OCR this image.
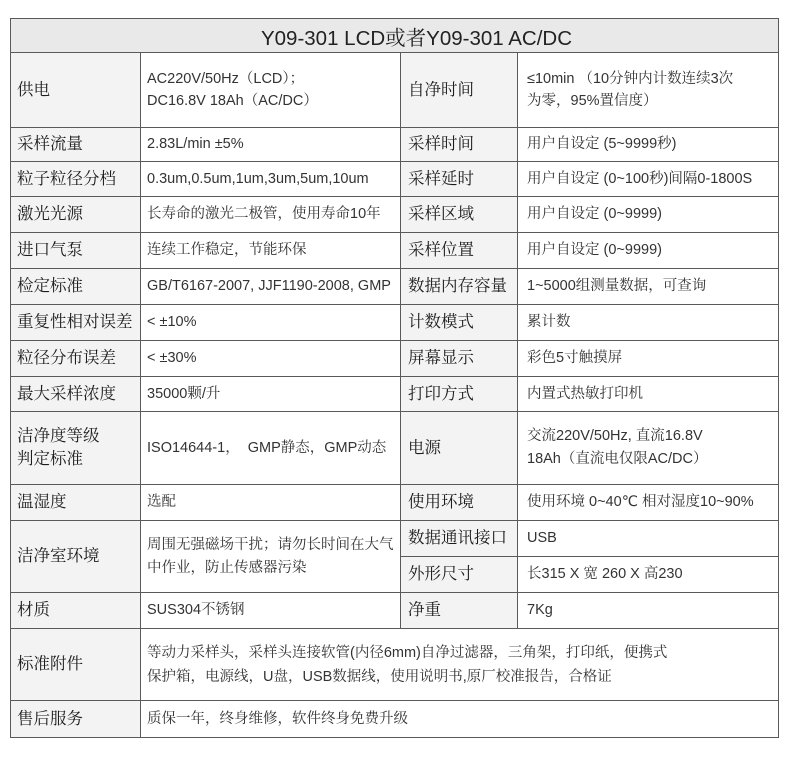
Y09-301 LCD或者Y09-301 AC/DC			

供电	AC220V/50Hz（LCD）；
DC16.8V 18Ah（AC/DC）	自净时间	≤10min （10分钟内计数连续3次
为零，95%置信度）

采样流量	2.83L/min ±5%	采样时间	用户自设定 (5~9999秒)

粒子粒径分档	0.3um,0.5um,1um,3um,5um,10um	采样延时	用户自设定 (0~100秒)间隔0-1800S

激光光源	长寿命的激光二极管，使用寿命10年	采样区域	用户自设定 (0~9999)

进口气泵	连续工作稳定，节能环保	采样位置	用户自设定 (0~9999)

检定标准	GB/T6167-2007, JJF1190-2008, GMP	数据内存容量	1~5000组测量数据，可查询

重复性相对误差	< ±10%	计数模式	累计数

粒径分布误差	< ±30%	屏幕显示	彩色5寸触摸屏

最大采样浓度	35000颗/升	打印方式	内置式热敏打印机

洁净度等级
判定标准	ISO14644-1，  GMP静态，GMP动态	电源	交流220V/50Hz, 直流16.8V
18Ah（直流电仅限AC/DC）

温湿度	选配	使用环境	使用环境 0~40℃ 相对湿度10~90%

洁净室环境	周围无强磁场干扰；请勿长时间在大气
中作业，防止传感器污染	数据通讯接口	USB

		外形尺寸	长315 X 宽 260 X 高230

材质	SUS304不锈钢	净重	7Kg

标准附件	等动力采样头，采样头连接软管(内径6mm)自净过滤器，三角架，打印纸，便携式
保护箱，电源线，U盘，USB数据线，使用说明书,原厂校准报告，合格证		

售后服务	质保一年，终身维修，软件终身免费升级		
